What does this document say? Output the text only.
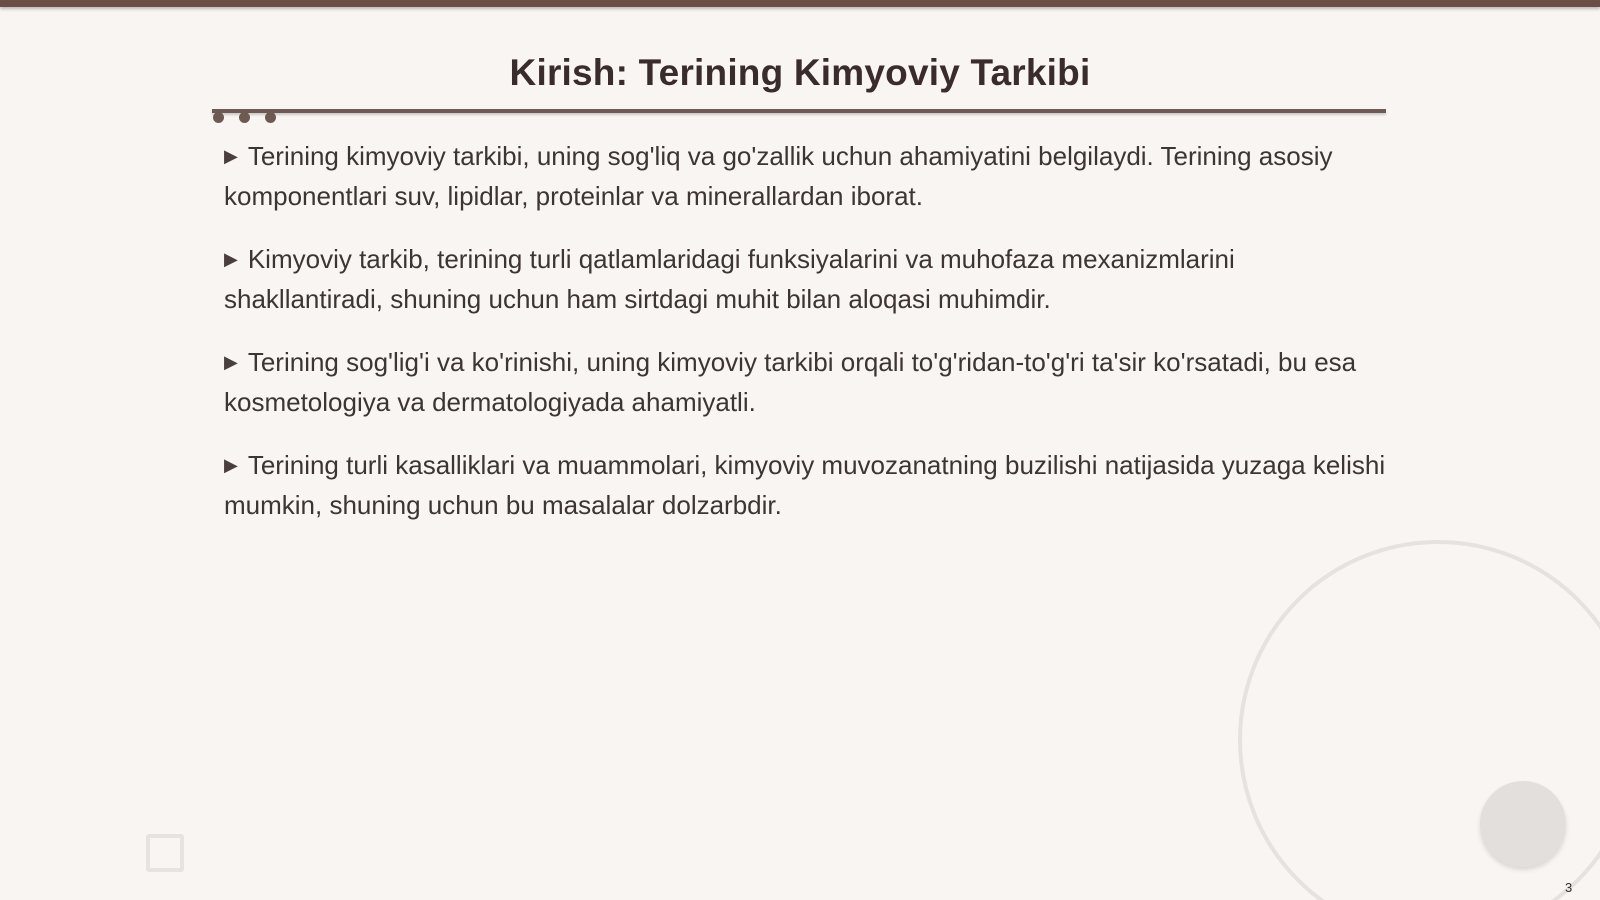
Kirish: Terining Kimyoviy Tarkibi

▶ Terining kimyoviy tarkibi, uning sog'liq va go'zallik uchun ahamiyatini belgilaydi. Terining asosiy komponentlari suv, lipidlar, proteinlar va minerallardan iborat.

▶ Kimyoviy tarkib, terining turli qatlamlaridagi funksiyalarini va muhofaza mexanizmlarini shakllantiradi, shuning uchun ham sirtdagi muhit bilan aloqasi muhimdir.

▶ Terining sog'lig'i va ko'rinishi, uning kimyoviy tarkibi orqali to'g'ridan-to'g'ri ta'sir ko'rsatadi, bu esa kosmetologiya va dermatologiyada ahamiyatli.

▶ Terining turli kasalliklari va muammolari, kimyoviy muvozanatning buzilishi natijasida yuzaga kelishi mumkin, shuning uchun bu masalalar dolzarbdir.

3
